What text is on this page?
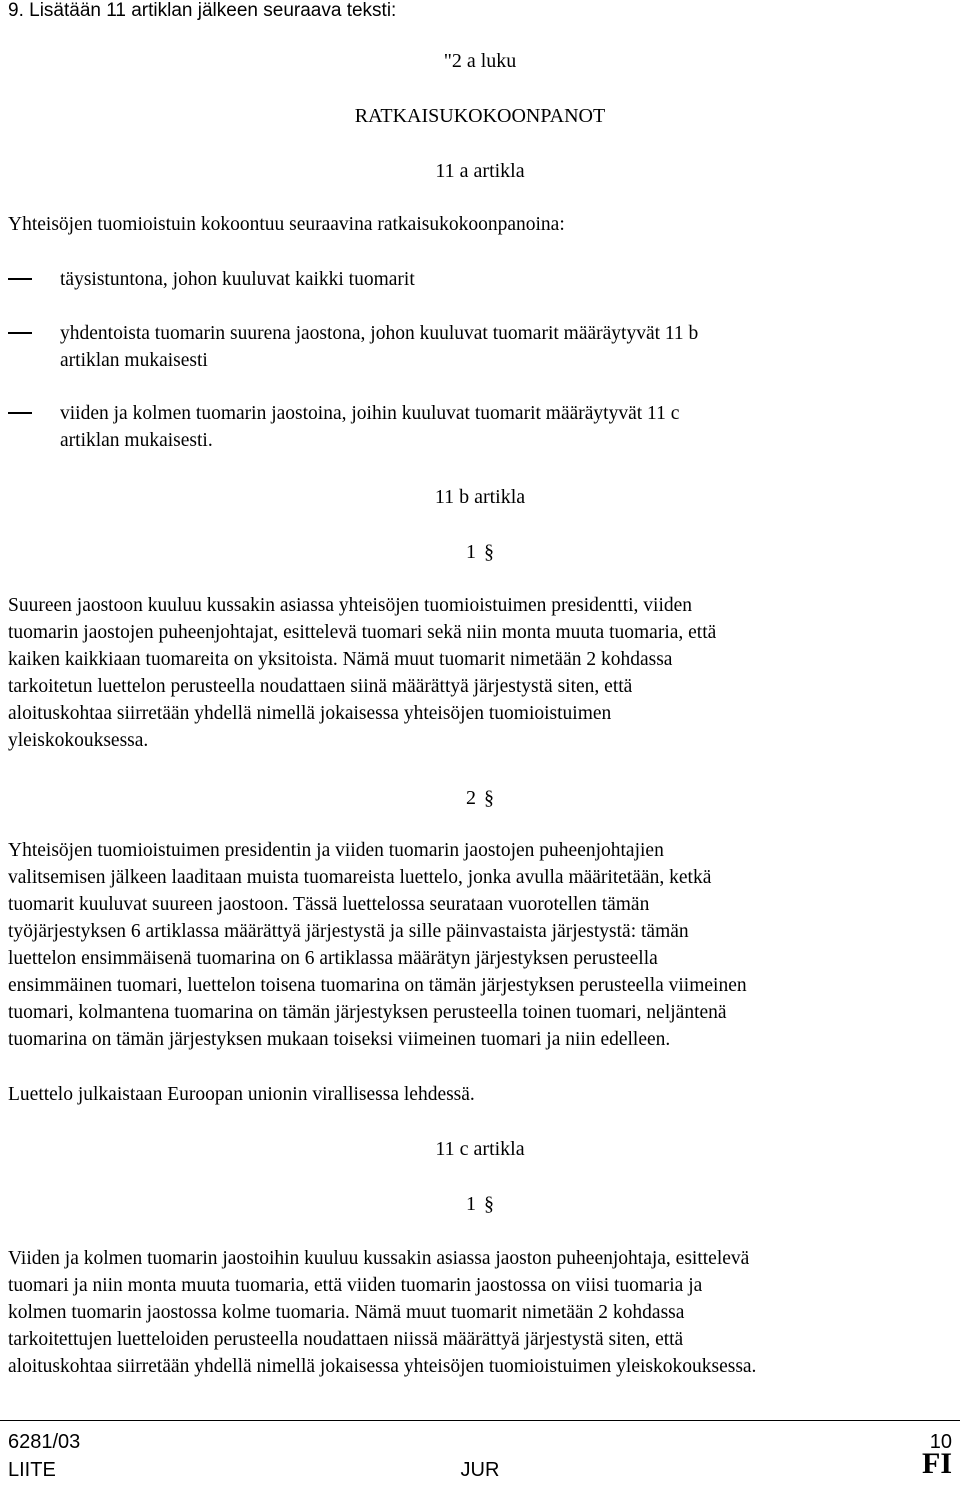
9. Lisätään 11 artiklan jälkeen seuraava teksti:

"2 a luku

RATKAISUKOKOONPANOT

11 a artikla

Yhteisöjen tuomioistuin kokoontuu seuraavina ratkaisukokoonpanoina:

täysistuntona, johon kuuluvat kaikki tuomarit
yhdentoista tuomarin suurena jaostona, johon kuuluvat tuomarit määräytyvät 11 b
artiklan mukaisesti
viiden ja kolmen tuomarin jaostoina, joihin kuuluvat tuomarit määräytyvät 11 c
artiklan mukaisesti.

11 b artikla

1 §

Suureen jaostoon kuuluu kussakin asiassa yhteisöjen tuomioistuimen presidentti, viiden
tuomarin jaostojen puheenjohtajat, esittelevä tuomari sekä niin monta muuta tuomaria, että
kaiken kaikkiaan tuomareita on yksitoista. Nämä muut tuomarit nimetään 2 kohdassa
tarkoitetun luettelon perusteella noudattaen siinä määrättyä järjestystä siten, että
aloituskohtaa siirretään yhdellä nimellä jokaisessa yhteisöjen tuomioistuimen
yleiskokouksessa.

2 §

Yhteisöjen tuomioistuimen presidentin ja viiden tuomarin jaostojen puheenjohtajien
valitsemisen jälkeen laaditaan muista tuomareista luettelo, jonka avulla määritetään, ketkä
tuomarit kuuluvat suureen jaostoon. Tässä luettelossa seurataan vuorotellen tämän
työjärjestyksen 6 artiklassa määrättyä järjestystä ja sille päinvastaista järjestystä: tämän
luettelon ensimmäisenä tuomarina on 6 artiklassa määrätyn järjestyksen perusteella
ensimmäinen tuomari, luettelon toisena tuomarina on tämän järjestyksen perusteella viimeinen
tuomari, kolmantena tuomarina on tämän järjestyksen perusteella toinen tuomari, neljäntenä
tuomarina on tämän järjestyksen mukaan toiseksi viimeinen tuomari ja niin edelleen.

Luettelo julkaistaan Euroopan unionin virallisessa lehdessä.

11 c artikla

1 §

Viiden ja kolmen tuomarin jaostoihin kuuluu kussakin asiassa jaoston puheenjohtaja, esittelevä
tuomari ja niin monta muuta tuomaria, että viiden tuomarin jaostossa on viisi tuomaria ja
kolmen tuomarin jaostossa kolme tuomaria. Nämä muut tuomarit nimetään 2 kohdassa
tarkoitettujen luetteloiden perusteella noudattaen niissä määrättyä järjestystä siten, että
aloituskohtaa siirretään yhdellä nimellä jokaisessa yhteisöjen tuomioistuimen yleiskokouksessa.
6281/03
LIITE	JUR
10
FI
